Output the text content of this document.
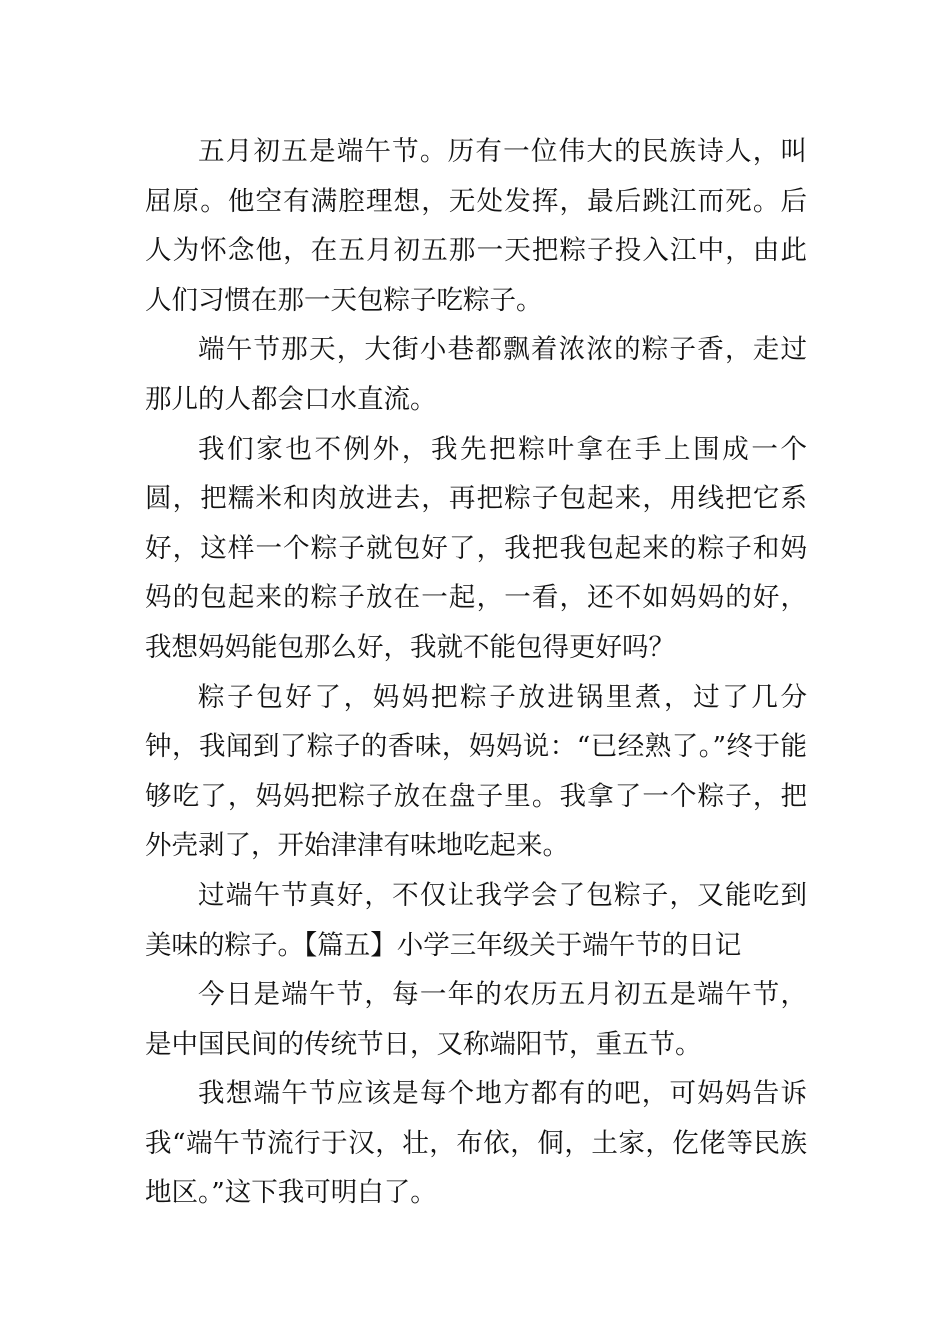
五月初五是端午节。历有一位伟大的民族诗人，叫屈原。他空有满腔理想，无处发挥，最后跳江而死。后人为怀念他，在五月初五那一天把粽子投入江中，由此人们习惯在那一天包粽子吃粽子。

端午节那天，大街小巷都飘着浓浓的粽子香，走过那儿的人都会口水直流。

我们家也不例外，我先把粽叶拿在手上围成一个圆，把糯米和肉放进去，再把粽子包起来，用线把它系好，这样一个粽子就包好了，我把我包起来的粽子和妈妈的包起来的粽子放在一起，一看，还不如妈妈的好，我想妈妈能包那么好，我就不能包得更好吗？

粽子包好了，妈妈把粽子放进锅里煮，过了几分钟，我闻到了粽子的香味，妈妈说：“已经熟了。”终于能够吃了，妈妈把粽子放在盘子里。我拿了一个粽子，把外壳剥了，开始津津有味地吃起来。

过端午节真好，不仅让我学会了包粽子，又能吃到美味的粽子。【篇五】小学三年级关于端午节的日记

今日是端午节，每一年的农历五月初五是端午节，是中国民间的传统节日，又称端阳节，重五节。

我想端午节应该是每个地方都有的吧，可妈妈告诉我“端午节流行于汉，壮，布依，侗，土家，仡佬等民族地区。”这下我可明白了。
